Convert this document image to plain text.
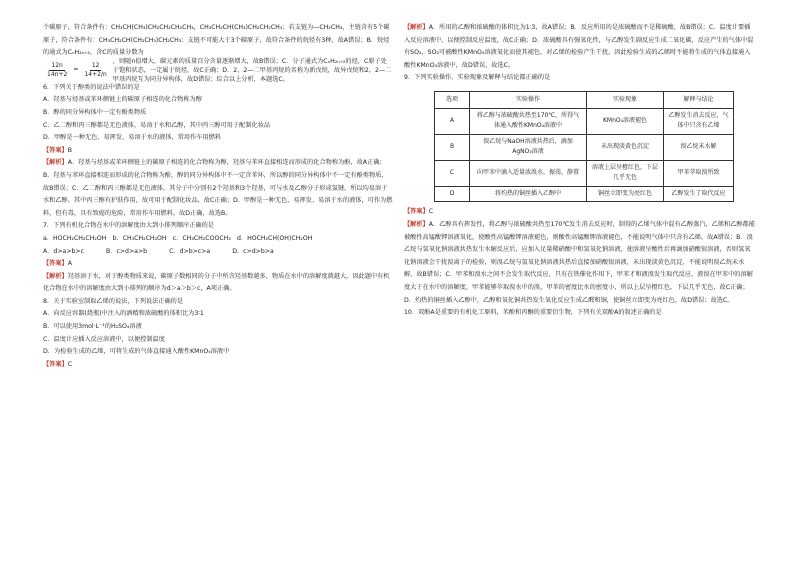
个碳原子，符合条件有：CH₃CH(CH₃)CH₂CH₂CH₂CH₃，CH₃CH₂CH(CH₃)CH₂CH₂CH₃；若支链为—CH₂CH₃，主链含有5个碳原子，符合条件有：CH₃CH₂CH(CH₂CH₃)CH₂CH₃；支链不可能大于3个碳原子，故符合条件的烷烃有3种，故A错误；B．烷烃的通式为CₙH₂ₙ₊₂，含C的质量分数为

$\frac{12n}{14n+2} = \frac{12}{14+2/n}$
，则随n值增大，碳元素的质量百分含量逐渐增大，故B错误；C．分子通式为CₙH₂ₙ₊₂的烃，C原子处于饱和状态，一定属于烷烃，故C正确；D．2，2—二甲基丙烷的名称为新戊烷，故异戊烷和2，2—二甲基丙烷互为同分异构体，故D错误；综合以上分析，本题选C。

6．下列关于醇类的说法中错误的是

A．羟基与烃基或苯环侧链上的碳原子相连的化合物称为醇

B．醇的同分异构体中一定有酚类物质

C．乙二醇和丙三醇都是无色液体，易溶于水和乙醇，其中丙三醇可用于配制化妆品

D．甲醇是一种无色、易挥发、易溶于水的液体，常用作车用燃料

【答案】B

【解析】A．羟基与烃基或苯环侧链上的碳原子相连的化合物称为醇，羟基与苯环直接相连而形成的化合物称为酚，故A正确；B．羟基与苯环直接相连而形成的化合物称为酚，醇的同分异构体中不一定含苯环，所以醇的同分异构体中不一定有酚类物质，故B错误；C．乙二醇和丙三醇都是无色液体，其分子中分别有2个羟基和3个羟基，可与水及乙醇分子形成氢键，所以均易溶于水和乙醇，其中丙三醇有护肤作用，故可用于配制化妆品，故C正确；D．甲醇是一种无色、易挥发、易溶于水的液体，可作为燃料，但有毒，具有致癌的危险，常用作车用燃料，故D正确，故选B。

7．下列有机化合物在水中的溶解度由大到小排列顺序正确的是

a．HOCH₂CH₂CH₂OH　b．CH₃CH₂CH₂OH　c．CH₃CH₂COOCH₃　d．HOCH₂CH(OH)CH₂OH

A．d>a>b>c	B．c>d>a>b	C．d>b>c>a	D．c>d>b>a

【答案】A

【解析】羟基溶于水，对于醇类物质来说，碳原子数相同的分子中所含羟基数越多，物质在水中的溶解度就越大，因此题中有机化合物在水中的溶解度由大到小排列的顺序为d＞a＞b＞c，A项正确。

8．关于实验室制取乙烯的说法，下列说法正确的是

A．向反应容器(烧瓶)中注入的酒精和浓硫酸的体积比为3∶1

B．可以使用3mol·L⁻¹的H₂SO₄溶液

C．温度计应插入反应溶液中，以便控制温度

D．为检验生成的乙烯，可将生成的气体直接通入酸性KMnO₄溶液中

【答案】C

【解析】A．所用的乙醇和浓硫酸的体积比为1∶3，故A错误；B．反应所用的是浓硫酸而不是稀硫酸，故B错误；C．温度计要插入反应溶液中，以便控制反应温度，故C正确；D．浓硫酸具有强氧化性，与乙醇发生副反应生成二氧化碳，反应产生的气体中混有SO₂，SO₂可被酸性KMnO₄溶液氧化而使其褪色，对乙烯的检验产生干扰，因此检验生成的乙烯时不能将生成的气体直接通入酸性KMnO₄溶液中，故D错误，故选C。

9．下列实验操作、实验现象及解释与结论都正确的是

选项	实验操作	实验现象	解释与结论
A	将乙醇与浓硫酸共热至170℃，所得气体通入酸性KMnO₄溶液中	KMnO₄溶液褪色	乙醇发生消去反应，气体中只含有乙烯
B	溴乙烷与NaOH溶液共热后，滴加AgNO₃溶液	未出现淡黄色沉淀	溴乙烷未水解
C	向甲苯中滴入适量浓溴水，振荡，静置	溶液上层呈橙红色，下层几乎无色	甲苯萃取溴所致
D	将灼热的铜丝插入乙醇中	铜丝立即变为亮红色	乙醇发生了取代反应

【答案】C

【解析】A．乙醇具有挥发性，将乙醇与浓硫酸共热至170℃发生消去反应时，制得的乙烯气体中混有乙醇蒸汽，乙烯和乙醇都能被酸性高锰酸钾溶液氧化，使酸性高锰酸钾溶液褪色，则酸性高锰酸钾溶液褪色，不能说明气体中只含有乙烯，故A错误；B．溴乙烷与氢氧化钠溶液共热发生水解反应后，应加入足量稀硝酸中和氢氧化钠溶液，使溶液呈酸性后再滴加硝酸银溶液，否则氢氧化钠溶液会干扰溴离子的检验，则溴乙烷与氢氧化钠溶液共热后直接加硝酸银溶液，未出现淡黄色沉淀，不能说明溴乙烷未水解，故B错误；C．甲苯和溴水之间不会发生取代反应，只有在铁催化作用下，甲苯才和液溴发生取代反应，液溴在甲苯中的溶解度大于在水中的溶解度，甲苯能够萃取溴水中的溴，甲苯的密度比水的密度小，所以上层呈橙红色，下层几乎无色，故C正确；D．灼热的铜丝插入乙醇中，乙醇和氧化铜共热发生氧化反应生成乙醛和铜，使铜丝立即变为亮红色，故D错误；故选C。

10．双酚A是重要的有机化工原料，苯酚和丙酮的重要衍生物，下列有关双酚A的叙述正确的是
